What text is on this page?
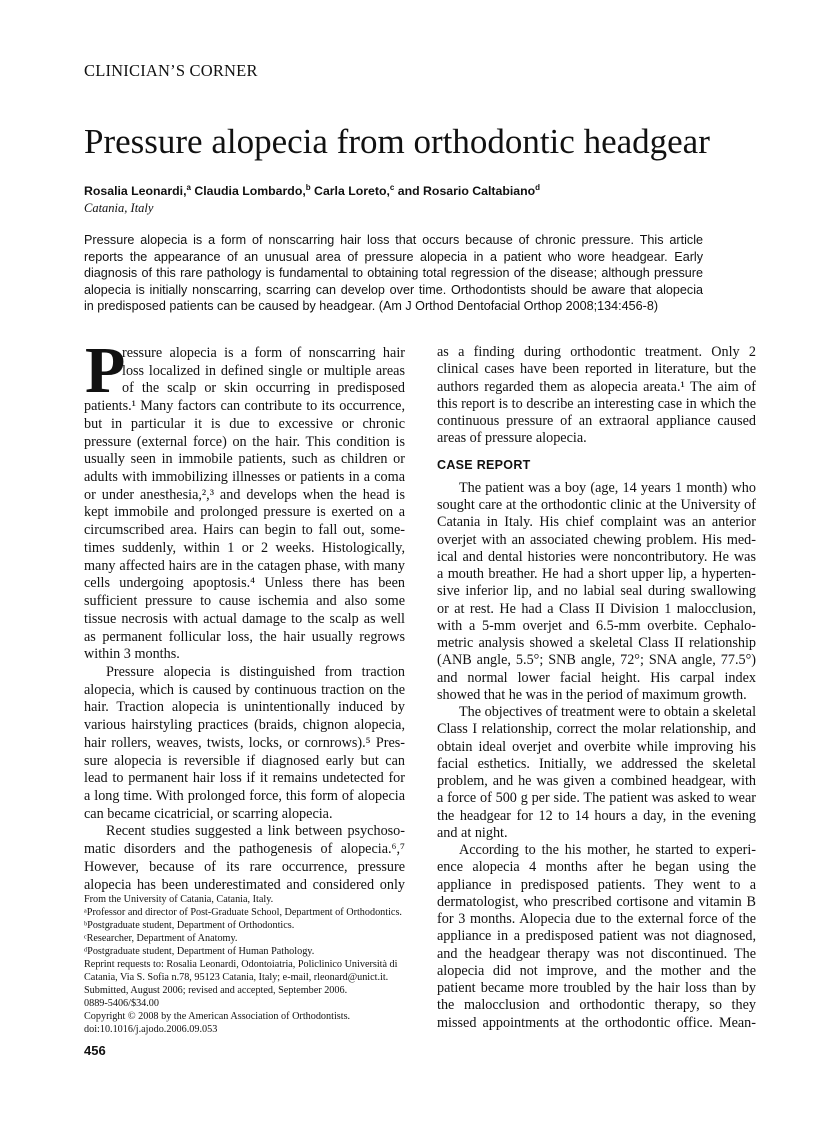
CLINICIAN’S CORNER
Pressure alopecia from orthodontic headgear
Rosalia Leonardi,$^a$ Claudia Lombardo,$^b$ Carla Loreto,$^c$ and Rosario Caltabiano$^d$
Catania, Italy
Pressure alopecia is a form of nonscarring hair loss that occurs because of chronic pressure. This article
reports the appearance of an unusual area of pressure alopecia in a patient who wore headgear. Early
diagnosis of this rare pathology is fundamental to obtaining total regression of the disease; although pressure
alopecia is initially nonscarring, scarring can develop over time. Orthodontists should be aware that alopecia
in predisposed patients can be caused by headgear. (Am J Orthod Dentofacial Orthop 2008;134:456-8)
P
ressure alopecia is a form of nonscarring hair
loss localized in defined single or multiple areas
of the scalp or skin occurring in predisposed
patients.¹ Many factors can contribute to its occurrence,
but in particular it is due to excessive or chronic
pressure (external force) on the hair. This condition is
usually seen in immobile patients, such as children or
adults with immobilizing illnesses or patients in a coma
or under anesthesia,²,³ and develops when the head is
kept immobile and prolonged pressure is exerted on a
circumscribed area. Hairs can begin to fall out, some-
times suddenly, within 1 or 2 weeks. Histologically,
many affected hairs are in the catagen phase, with many
cells undergoing apoptosis.⁴ Unless there has been
sufficient pressure to cause ischemia and also some
tissue necrosis with actual damage to the scalp as well
as permanent follicular loss, the hair usually regrows
within 3 months.
Pressure alopecia is distinguished from traction
alopecia, which is caused by continuous traction on the
hair. Traction alopecia is unintentionally induced by
various hairstyling practices (braids, chignon alopecia,
hair rollers, weaves, twists, locks, or cornrows).⁵ Pres-
sure alopecia is reversible if diagnosed early but can
lead to permanent hair loss if it remains undetected for
a long time. With prolonged force, this form of alopecia
can became cicatricial, or scarring alopecia.
Recent studies suggested a link between psychoso-
matic disorders and the pathogenesis of alopecia.⁶,⁷
However, because of its rare occurrence, pressure
alopecia has been underestimated and considered only
as a finding during orthodontic treatment. Only 2
clinical cases have been reported in literature, but the
authors regarded them as alopecia areata.¹ The aim of
this report is to describe an interesting case in which the
continuous pressure of an extraoral appliance caused
areas of pressure alopecia.
CASE REPORT
The patient was a boy (age, 14 years 1 month) who
sought care at the orthodontic clinic at the University of
Catania in Italy. His chief complaint was an anterior
overjet with an associated chewing problem. His med-
ical and dental histories were noncontributory. He was
a mouth breather. He had a short upper lip, a hyperten-
sive inferior lip, and no labial seal during swallowing
or at rest. He had a Class II Division 1 malocclusion,
with a 5-mm overjet and 6.5-mm overbite. Cephalo-
metric analysis showed a skeletal Class II relationship
(ANB angle, 5.5°; SNB angle, 72°; SNA angle, 77.5°)
and normal lower facial height. His carpal index
showed that he was in the period of maximum growth.
The objectives of treatment were to obtain a skeletal
Class I relationship, correct the molar relationship, and
obtain ideal overjet and overbite while improving his
facial esthetics. Initially, we addressed the skeletal
problem, and he was given a combined headgear, with
a force of 500 g per side. The patient was asked to wear
the headgear for 12 to 14 hours a day, in the evening
and at night.
According to the his mother, he started to experi-
ence alopecia 4 months after he began using the
appliance in predisposed patients. They went to a
dermatologist, who prescribed cortisone and vitamin B
for 3 months. Alopecia due to the external force of the
appliance in a predisposed patient was not diagnosed,
and the headgear therapy was not discontinued. The
alopecia did not improve, and the mother and the
patient became more troubled by the hair loss than by
the malocclusion and orthodontic therapy, so they
missed appointments at the orthodontic office. Mean-
From the University of Catania, Catania, Italy.
ᵃProfessor and director of Post-Graduate School, Department of Orthodontics.
ᵇPostgraduate student, Department of Orthodontics.
ᶜResearcher, Department of Anatomy.
ᵈPostgraduate student, Department of Human Pathology.
Reprint requests to: Rosalia Leonardi, Odontoiatria, Policlinico Università di
Catania, Via S. Sofia n.78, 95123 Catania, Italy; e-mail, rleonard@unict.it.
Submitted, August 2006; revised and accepted, September 2006.
0889-5406/$34.00
Copyright © 2008 by the American Association of Orthodontists.
doi:10.1016/j.ajodo.2006.09.053
456
